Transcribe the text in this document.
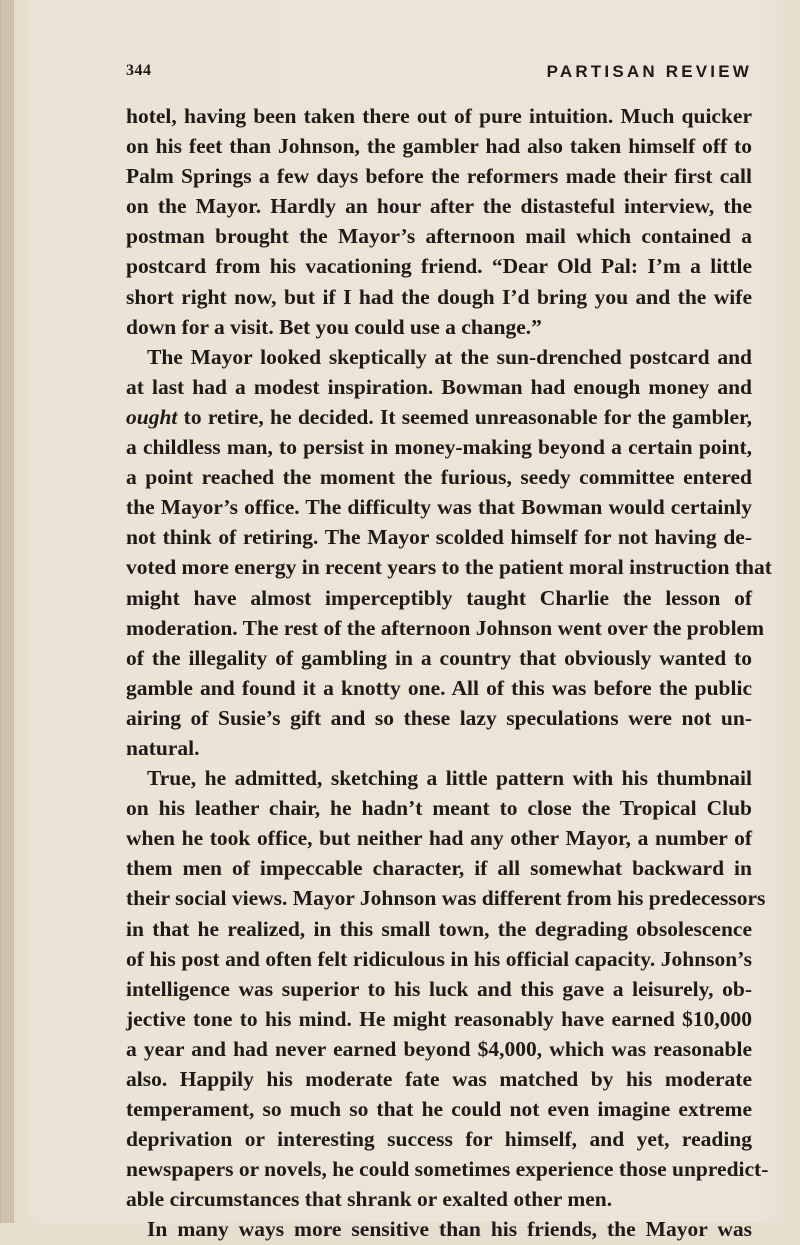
344	PARTISAN REVIEW
hotel, having been taken there out of pure intuition. Much quicker
on his feet than Johnson, the gambler had also taken himself off to
Palm Springs a few days before the reformers made their first call
on the Mayor. Hardly an hour after the distasteful interview, the
postman brought the Mayor’s afternoon mail which contained a
postcard from his vacationing friend. “Dear Old Pal: I’m a little
short right now, but if I had the dough I’d bring you and the wife
down for a visit. Bet you could use a change.”
The Mayor looked skeptically at the sun-drenched postcard and
at last had a modest inspiration. Bowman had enough money and
ought to retire, he decided. It seemed unreasonable for the gambler,
a childless man, to persist in money-making beyond a certain point,
a point reached the moment the furious, seedy committee entered
the Mayor’s office. The difficulty was that Bowman would certainly
not think of retiring. The Mayor scolded himself for not having de-
voted more energy in recent years to the patient moral instruction that
might have almost imperceptibly taught Charlie the lesson of
moderation. The rest of the afternoon Johnson went over the problem
of the illegality of gambling in a country that obviously wanted to
gamble and found it a knotty one. All of this was before the public
airing of Susie’s gift and so these lazy speculations were not un-
natural.
True, he admitted, sketching a little pattern with his thumbnail
on his leather chair, he hadn’t meant to close the Tropical Club
when he took office, but neither had any other Mayor, a number of
them men of impeccable character, if all somewhat backward in
their social views. Mayor Johnson was different from his predecessors
in that he realized, in this small town, the degrading obsolescence
of his post and often felt ridiculous in his official capacity. Johnson’s
intelligence was superior to his luck and this gave a leisurely, ob-
jective tone to his mind. He might reasonably have earned $10,000
a year and had never earned beyond $4,000, which was reasonable
also. Happily his moderate fate was matched by his moderate
temperament, so much so that he could not even imagine extreme
deprivation or interesting success for himself, and yet, reading
newspapers or novels, he could sometimes experience those unpredict-
able circumstances that shrank or exalted other men.
In many ways more sensitive than his friends, the Mayor was
